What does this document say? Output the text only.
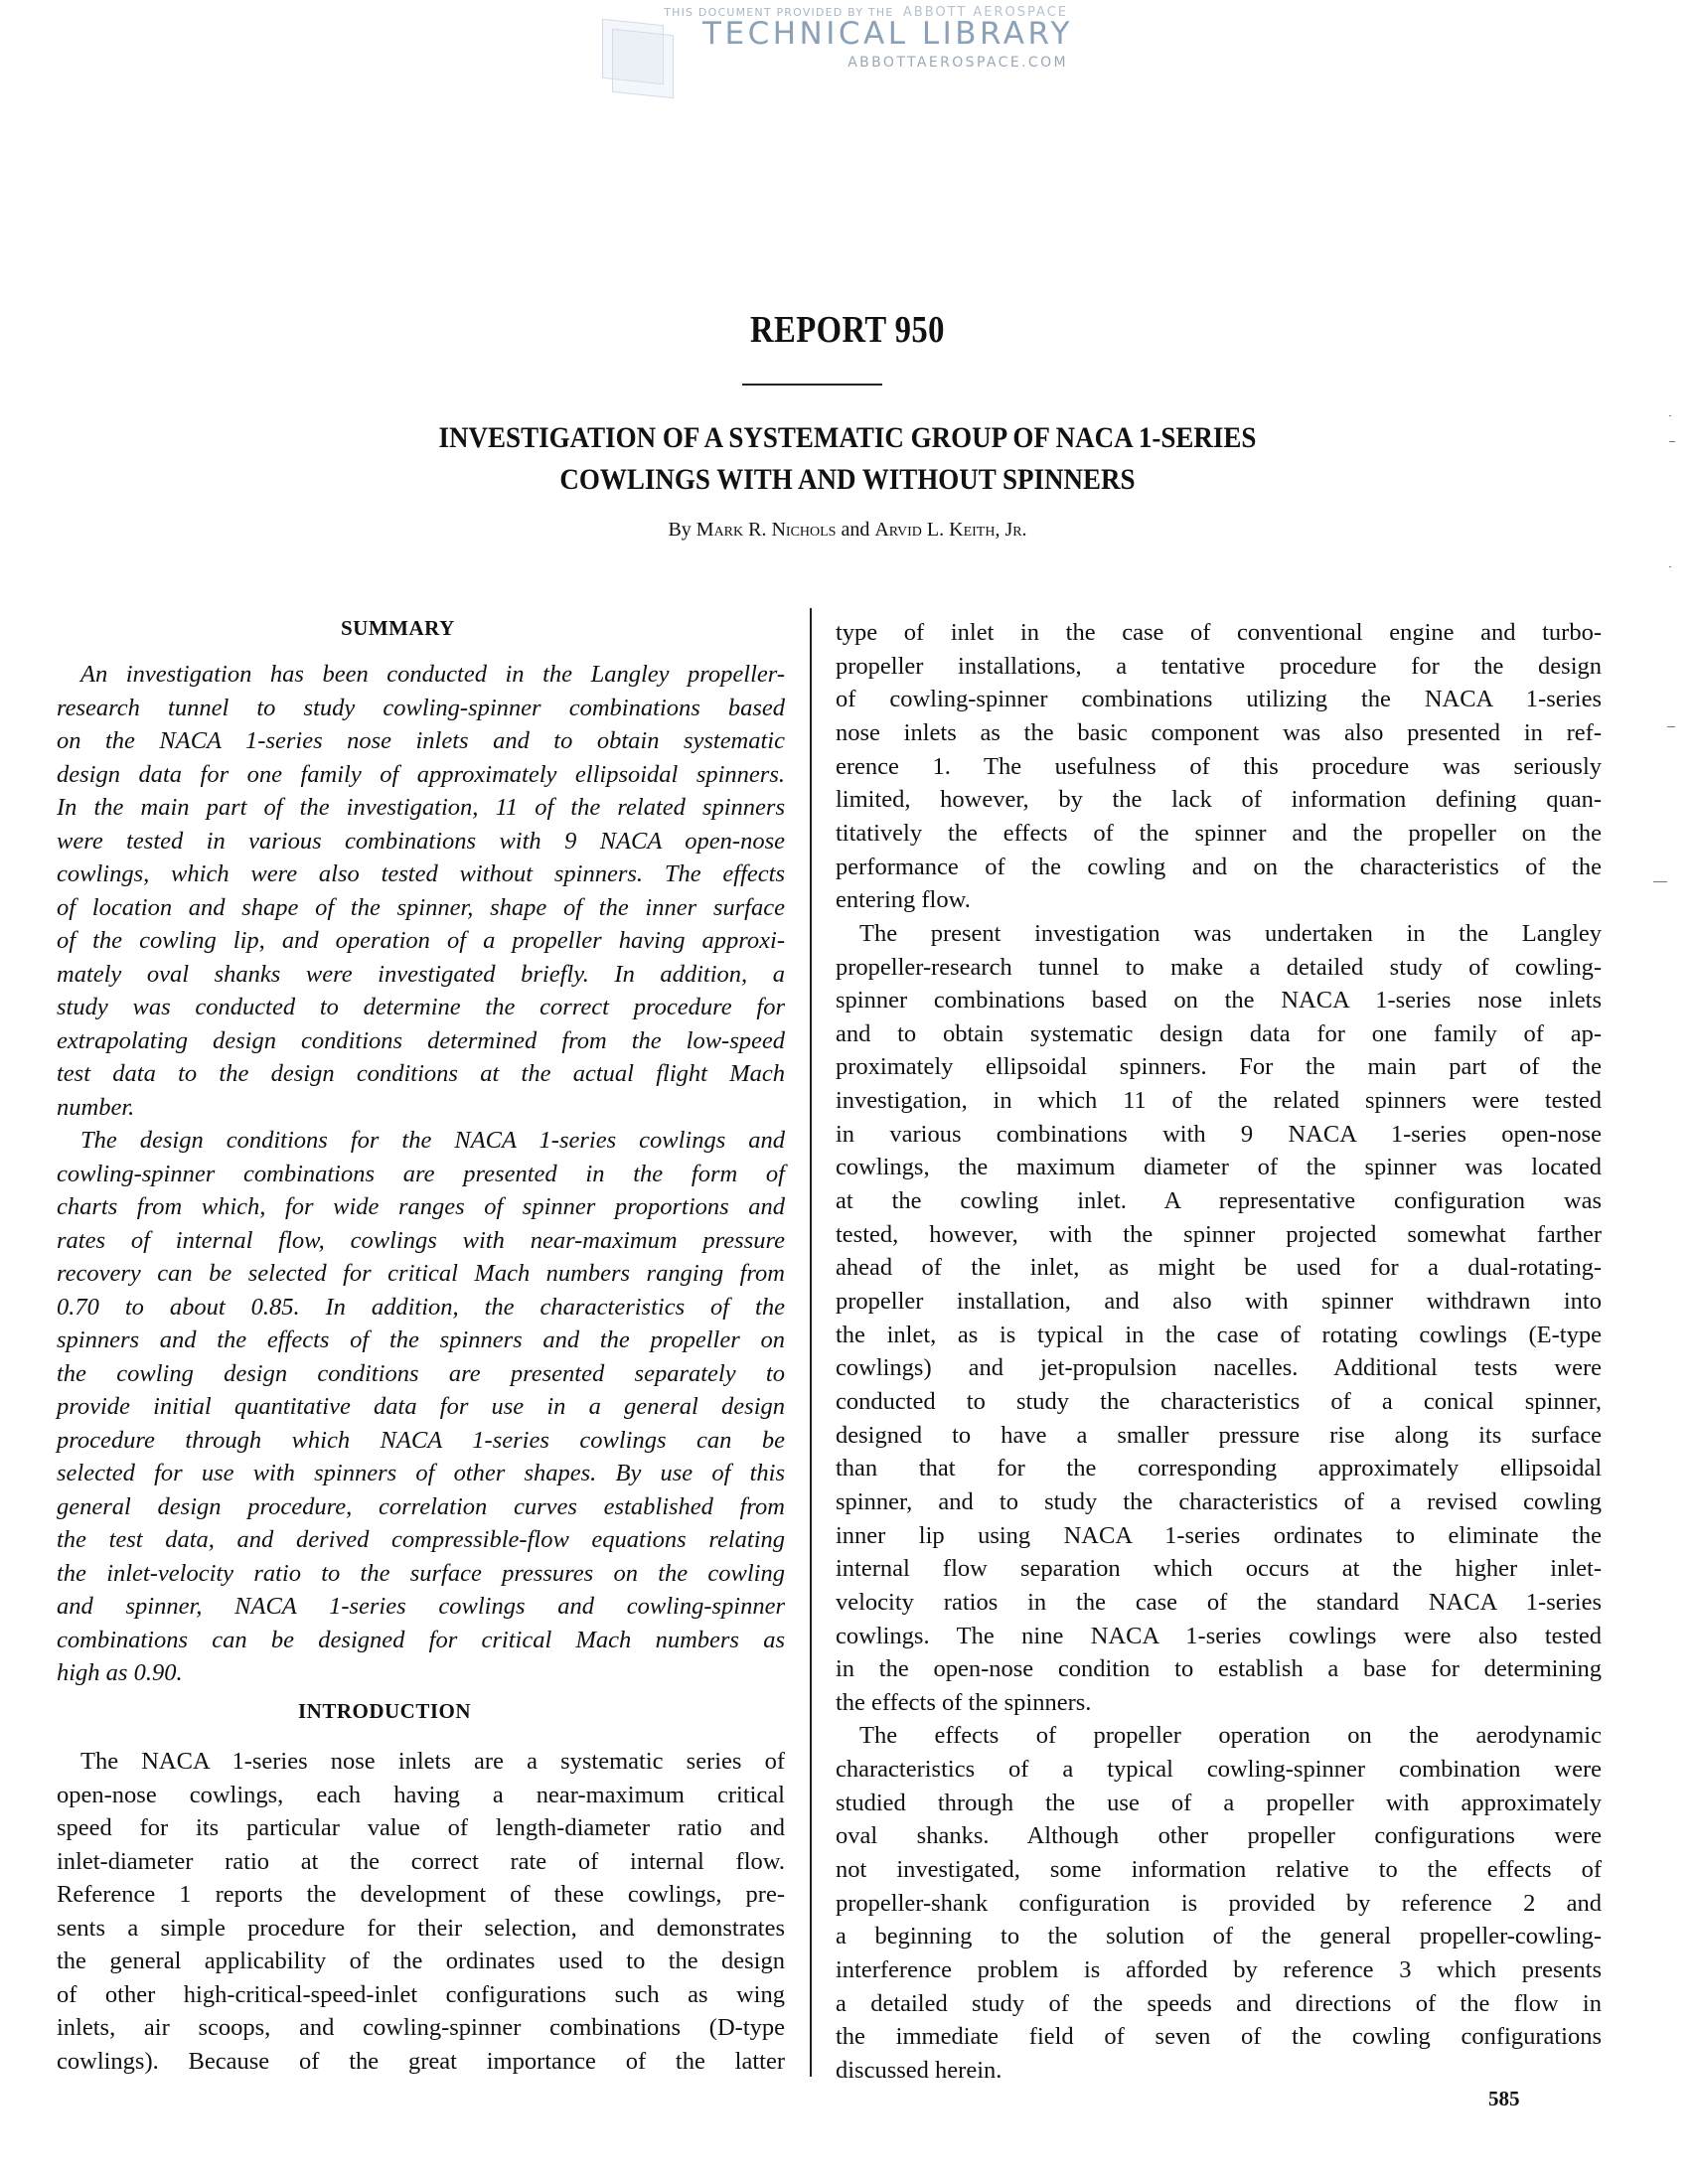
THIS DOCUMENT PROVIDED BY THE ABBOTT AEROSPACE
TECHNICAL LIBRARY
ABBOTTAEROSPACE.COM
REPORT 950
INVESTIGATION OF A SYSTEMATIC GROUP OF NACA 1-SERIES
COWLINGS WITH AND WITHOUT SPINNERS
By Mark R. Nichols and Arvid L. Keith, Jr.
SUMMARY
INTRODUCTION
An investigation has been conducted in the Langley propeller-
research tunnel to study cowling-spinner combinations based
on the NACA 1-series nose inlets and to obtain systematic
design data for one family of approximately ellipsoidal spinners.
In the main part of the investigation, 11 of the related spinners
were tested in various combinations with 9 NACA open-nose
cowlings, which were also tested without spinners. The effects
of location and shape of the spinner, shape of the inner surface
of the cowling lip, and operation of a propeller having approxi-
mately oval shanks were investigated briefly. In addition, a
study was conducted to determine the correct procedure for
extrapolating design conditions determined from the low-speed
test data to the design conditions at the actual flight Mach
number.
The design conditions for the NACA 1-series cowlings and
cowling-spinner combinations are presented in the form of
charts from which, for wide ranges of spinner proportions and
rates of internal flow, cowlings with near-maximum pressure
recovery can be selected for critical Mach numbers ranging from
0.70 to about 0.85. In addition, the characteristics of the
spinners and the effects of the spinners and the propeller on
the cowling design conditions are presented separately to
provide initial quantitative data for use in a general design
procedure through which NACA 1-series cowlings can be
selected for use with spinners of other shapes. By use of this
general design procedure, correlation curves established from
the test data, and derived compressible-flow equations relating
the inlet-velocity ratio to the surface pressures on the cowling
and spinner, NACA 1-series cowlings and cowling-spinner
combinations can be designed for critical Mach numbers as
high as 0.90.
The NACA 1-series nose inlets are a systematic series of
open-nose cowlings, each having a near-maximum critical
speed for its particular value of length-diameter ratio and
inlet-diameter ratio at the correct rate of internal flow.
Reference 1 reports the development of these cowlings, pre-
sents a simple procedure for their selection, and demonstrates
the general applicability of the ordinates used to the design
of other high-critical-speed-inlet configurations such as wing
inlets, air scoops, and cowling-spinner combinations (D-type
cowlings). Because of the great importance of the latter
type of inlet in the case of conventional engine and turbo-
propeller installations, a tentative procedure for the design
of cowling-spinner combinations utilizing the NACA 1-series
nose inlets as the basic component was also presented in ref-
erence 1. The usefulness of this procedure was seriously
limited, however, by the lack of information defining quan-
titatively the effects of the spinner and the propeller on the
performance of the cowling and on the characteristics of the
entering flow.
The present investigation was undertaken in the Langley
propeller-research tunnel to make a detailed study of cowling-
spinner combinations based on the NACA 1-series nose inlets
and to obtain systematic design data for one family of ap-
proximately ellipsoidal spinners. For the main part of the
investigation, in which 11 of the related spinners were tested
in various combinations with 9 NACA 1-series open-nose
cowlings, the maximum diameter of the spinner was located
at the cowling inlet. A representative configuration was
tested, however, with the spinner projected somewhat farther
ahead of the inlet, as might be used for a dual-rotating-
propeller installation, and also with spinner withdrawn into
the inlet, as is typical in the case of rotating cowlings (E-type
cowlings) and jet-propulsion nacelles. Additional tests were
conducted to study the characteristics of a conical spinner,
designed to have a smaller pressure rise along its surface
than that for the corresponding approximately ellipsoidal
spinner, and to study the characteristics of a revised cowling
inner lip using NACA 1-series ordinates to eliminate the
internal flow separation which occurs at the higher inlet-
velocity ratios in the case of the standard NACA 1-series
cowlings. The nine NACA 1-series cowlings were also tested
in the open-nose condition to establish a base for determining
the effects of the spinners.
The effects of propeller operation on the aerodynamic
characteristics of a typical cowling-spinner combination were
studied through the use of a propeller with approximately
oval shanks. Although other propeller configurations were
not investigated, some information relative to the effects of
propeller-shank configuration is provided by reference 2 and
a beginning to the solution of the general propeller-cowling-
interference problem is afforded by reference 3 which presents
a detailed study of the speeds and directions of the flow in
the immediate field of seven of the cowling configurations
discussed herein.
585
